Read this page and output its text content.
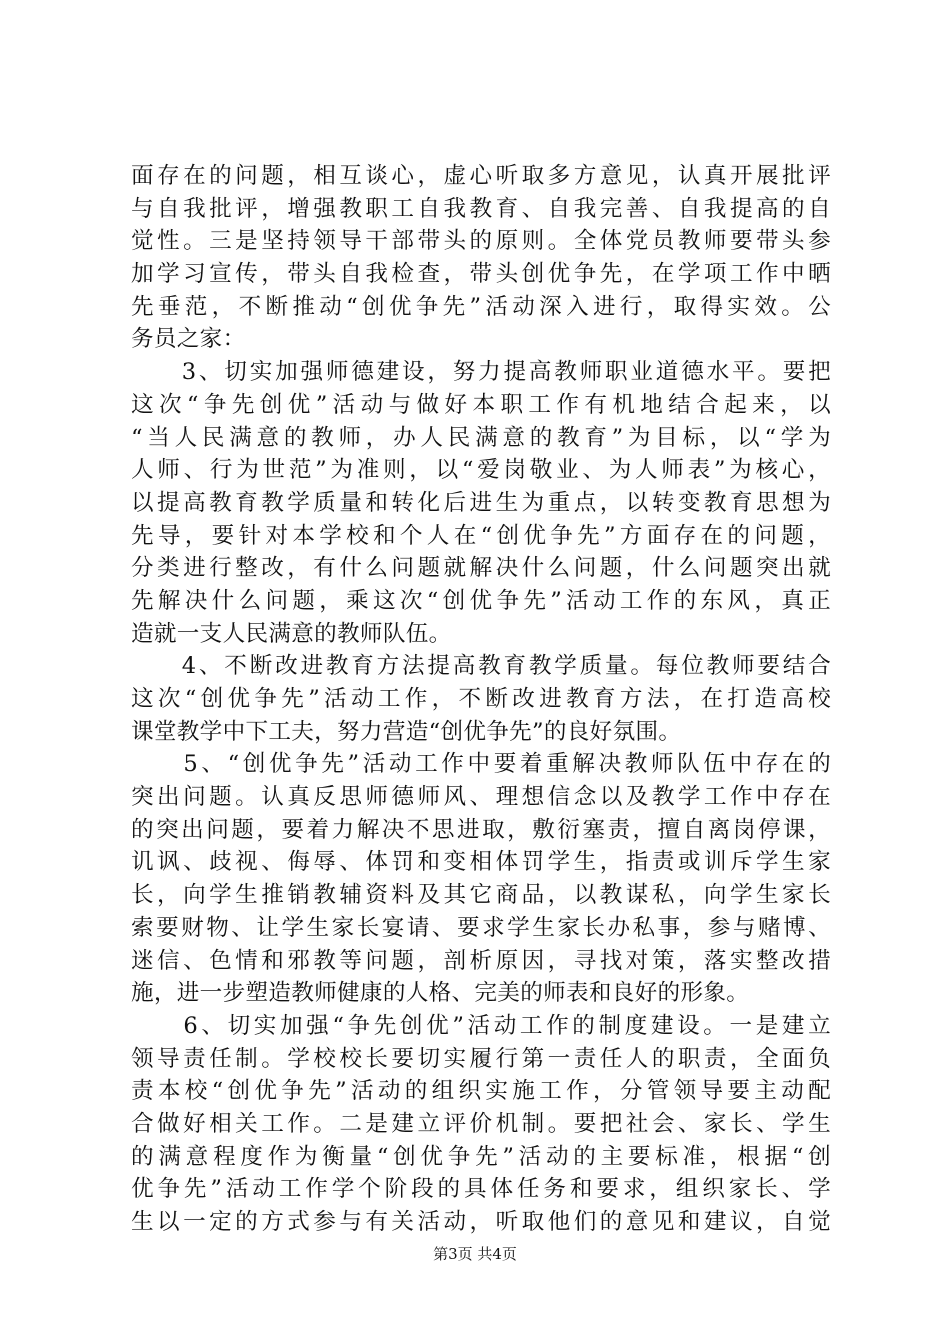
面存在的问题，相互谈心，虚心听取多方意见，认真开展批评
与自我批评，增强教职工自我教育、自我完善、自我提高的自
觉性。三是坚持领导干部带头的原则。全体党员教师要带头参
加学习宣传，带头自我检查，带头创优争先，在学项工作中晒
先垂范，不断推动“创优争先”活动深入进行，取得实效。公
务员之家：
　　3、切实加强师德建设，努力提高教师职业道德水平。要把
这次“争先创优”活动与做好本职工作有机地结合起来，以
“当人民满意的教师，办人民满意的教育”为目标，以“学为
人师、行为世范”为准则，以“爱岗敬业、为人师表”为核心，
以提高教育教学质量和转化后进生为重点，以转变教育思想为
先导，要针对本学校和个人在“创优争先”方面存在的问题，
分类进行整改，有什么问题就解决什么问题，什么问题突出就
先解决什么问题，乘这次“创优争先”活动工作的东风，真正
造就一支人民满意的教师队伍。
　　4、不断改进教育方法提高教育教学质量。每位教师要结合
这次“创优争先”活动工作，不断改进教育方法，在打造高校
课堂教学中下工夫，努力营造“创优争先”的良好氛围。
　　5、“创优争先”活动工作中要着重解决教师队伍中存在的
突出问题。认真反思师德师风、理想信念以及教学工作中存在
的突出问题，要着力解决不思进取，敷衍塞责，擅自离岗停课，
讥讽、歧视、侮辱、体罚和变相体罚学生，指责或训斥学生家
长，向学生推销教辅资料及其它商品，以教谋私，向学生家长
索要财物、让学生家长宴请、要求学生家长办私事，参与赌博、
迷信、色情和邪教等问题，剖析原因，寻找对策，落实整改措
施，进一步塑造教师健康的人格、完美的师表和良好的形象。
　　6、切实加强“争先创优”活动工作的制度建设。一是建立
领导责任制。学校校长要切实履行第一责任人的职责，全面负
责本校“创优争先”活动的组织实施工作，分管领导要主动配
合做好相关工作。二是建立评价机制。要把社会、家长、学生
的满意程度作为衡量“创优争先”活动的主要标准，根据“创
优争先”活动工作学个阶段的具体任务和要求，组织家长、学
生以一定的方式参与有关活动，听取他们的意见和建议，自觉
第3页 共4页
